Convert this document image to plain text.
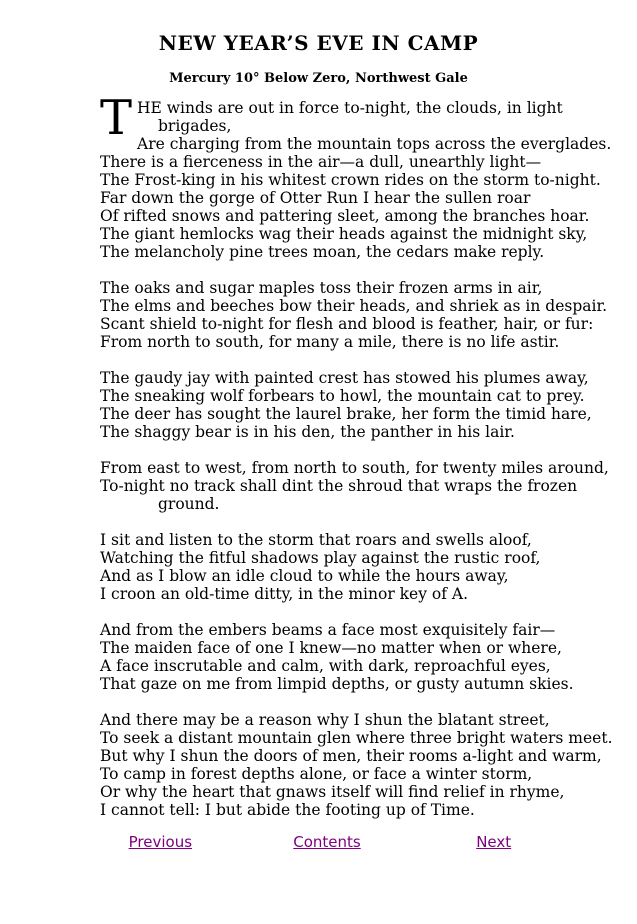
NEW YEAR’S EVE IN CAMP
Mercury 10° Below Zero, Northwest Gale
THE winds are out in force to-night, the clouds, in light
brigades,
Are charging from the mountain tops across the everglades.
There is a fierceness in the air—a dull, unearthly light—
The Frost-king in his whitest crown rides on the storm to-night.
Far down the gorge of Otter Run I hear the sullen roar
Of rifted snows and pattering sleet, among the branches hoar.
The giant hemlocks wag their heads against the midnight sky,
The melancholy pine trees moan, the cedars make reply.
The oaks and sugar maples toss their frozen arms in air,
The elms and beeches bow their heads, and shriek as in despair.
Scant shield to-night for flesh and blood is feather, hair, or fur:
From north to south, for many a mile, there is no life astir.
The gaudy jay with painted crest has stowed his plumes away,
The sneaking wolf forbears to howl, the mountain cat to prey.
The deer has sought the laurel brake, her form the timid hare,
The shaggy bear is in his den, the panther in his lair.
From east to west, from north to south, for twenty miles around,
To-night no track shall dint the shroud that wraps the frozen
ground.
I sit and listen to the storm that roars and swells aloof,
Watching the fitful shadows play against the rustic roof,
And as I blow an idle cloud to while the hours away,
I croon an old-time ditty, in the minor key of A.
And from the embers beams a face most exquisitely fair—
The maiden face of one I knew—no matter when or where,
A face inscrutable and calm, with dark, reproachful eyes,
That gaze on me from limpid depths, or gusty autumn skies.
And there may be a reason why I shun the blatant street,
To seek a distant mountain glen where three bright waters meet.
But why I shun the doors of men, their rooms a-light and warm,
To camp in forest depths alone, or face a winter storm,
Or why the heart that gnaws itself will find relief in rhyme,
I cannot tell: I but abide the footing up of Time.
Previous	Contents	Next
